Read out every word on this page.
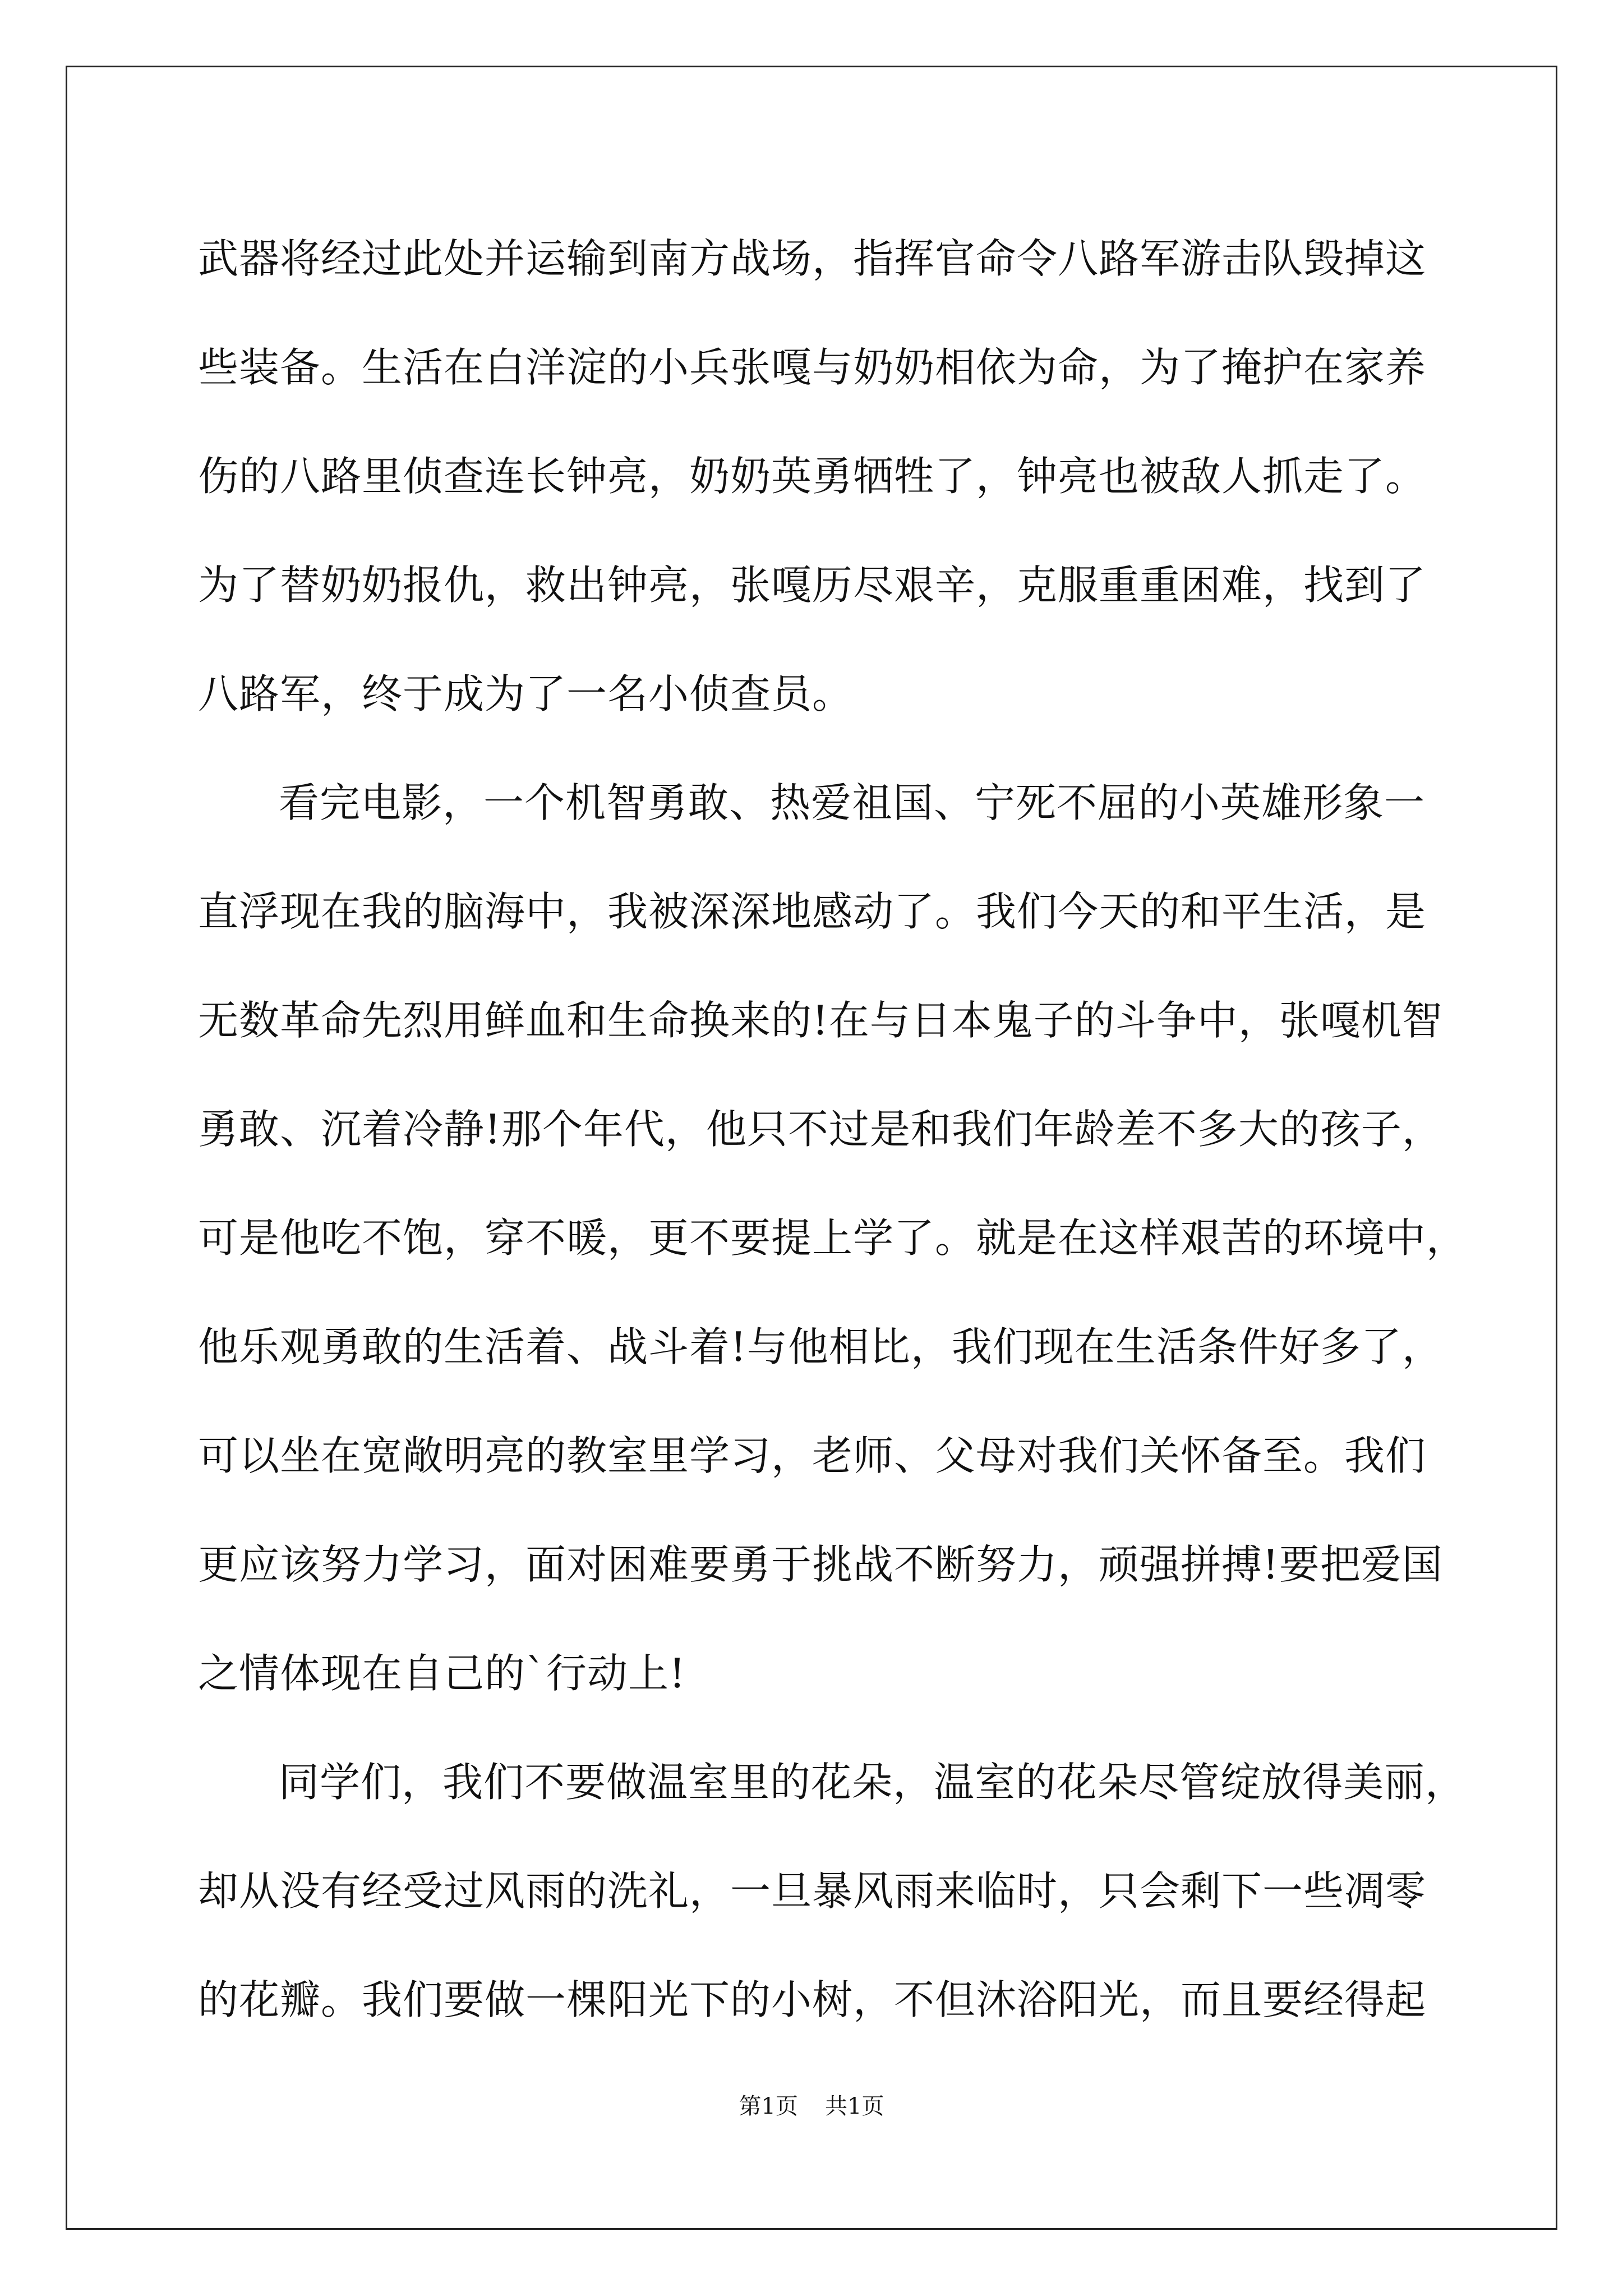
武器将经过此处并运输到南方战场，指挥官命令八路军游击队毁掉这
些装备。生活在白洋淀的小兵张嘎与奶奶相依为命，为了掩护在家养
伤的八路里侦查连长钟亮，奶奶英勇牺牲了，钟亮也被敌人抓走了。
为了替奶奶报仇，救出钟亮，张嘎历尽艰辛，克服重重困难，找到了
八路军，终于成为了一名小侦查员。
看完电影，一个机智勇敢、热爱祖国、宁死不屈的小英雄形象一
直浮现在我的脑海中，我被深深地感动了。我们今天的和平生活，是
无数革命先烈用鲜血和生命换来的!在与日本鬼子的斗争中，张嘎机智
勇敢、沉着冷静!那个年代，他只不过是和我们年龄差不多大的孩子，
可是他吃不饱，穿不暖，更不要提上学了。就是在这样艰苦的环境中，
他乐观勇敢的生活着、战斗着!与他相比，我们现在生活条件好多了，
可以坐在宽敞明亮的教室里学习，老师、父母对我们关怀备至。我们
更应该努力学习，面对困难要勇于挑战不断努力，顽强拼搏!要把爱国
之情体现在自己的`行动上!
同学们，我们不要做温室里的花朵，温室的花朵尽管绽放得美丽，
却从没有经受过风雨的洗礼，一旦暴风雨来临时，只会剩下一些凋零
的花瓣。我们要做一棵阳光下的小树，不但沐浴阳光，而且要经得起
第1页 共1页
